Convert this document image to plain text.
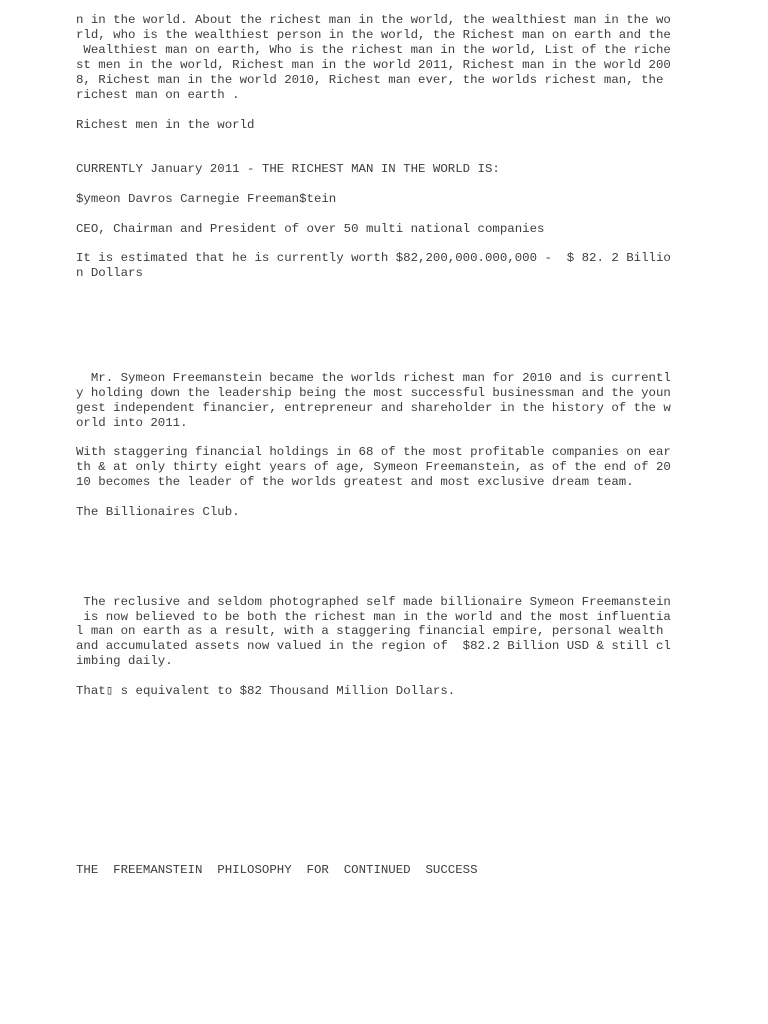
n in the world. About the richest man in the world, the wealthiest man in the wo
rld, who is the wealthiest person in the world, the Richest man on earth and the
Wealthiest man on earth, Who is the richest man in the world, List of the riche
st men in the world, Richest man in the world 2011, Richest man in the world 200
8, Richest man in the world 2010, Richest man ever, the worlds richest man, the
richest man on earth .
Richest men in the world
CURRENTLY January 2011 - THE RICHEST MAN IN THE WORLD IS:
$ymeon Davros Carnegie Freeman$tein
CEO, Chairman and President of over 50 multi national companies
It is estimated that he is currently worth $82,200,000.000,000 -  $ 82. 2 Billio
n Dollars
Mr. Symeon Freemanstein became the worlds richest man for 2010 and is currentl
y holding down the leadership being the most successful businessman and the youn
gest independent financier, entrepreneur and shareholder in the history of the w
orld into 2011.
With staggering financial holdings in 68 of the most profitable companies on ear
th & at only thirty eight years of age, Symeon Freemanstein, as of the end of 20
10 becomes the leader of the worlds greatest and most exclusive dream team.
The Billionaires Club.
The reclusive and seldom photographed self made billionaire Symeon Freemanstein
is now believed to be both the richest man in the world and the most influentia
l man on earth as a result, with a staggering financial empire, personal wealth
and accumulated assets now valued in the region of  $82.2 Billion USD & still cl
imbing daily.
That▯ s equivalent to $82 Thousand Million Dollars.
THE FREEMANSTEIN PHILOSOPHY FOR CONTINUED SUCCESS
